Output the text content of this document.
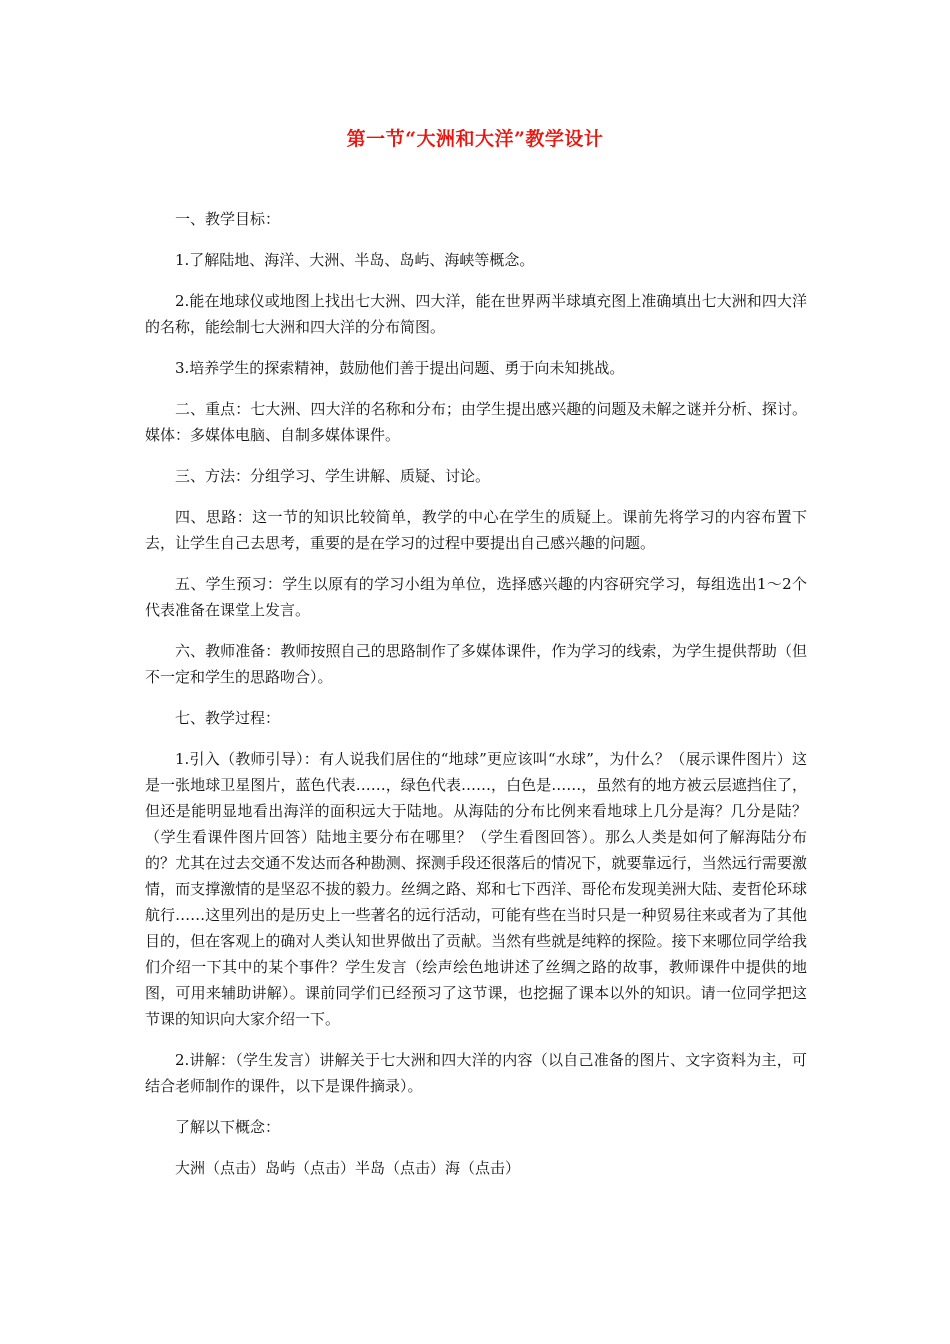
第一节“大洲和大洋”教学设计

一、教学目标：

1.了解陆地、海洋、大洲、半岛、岛屿、海峡等概念。

2.能在地球仪或地图上找出七大洲、四大洋，能在世界两半球填充图上准确填出七大洲和四大洋的名称，能绘制七大洲和四大洋的分布简图。

3.培养学生的探索精神，鼓励他们善于提出问题、勇于向未知挑战。

二、重点：七大洲、四大洋的名称和分布；由学生提出感兴趣的问题及未解之谜并分析、探讨。媒体：多媒体电脑、自制多媒体课件。

三、方法：分组学习、学生讲解、质疑、讨论。

四、思路：这一节的知识比较简单，教学的中心在学生的质疑上。课前先将学习的内容布置下去，让学生自己去思考，重要的是在学习的过程中要提出自己感兴趣的问题。

五、学生预习：学生以原有的学习小组为单位，选择感兴趣的内容研究学习，每组选出1～2个代表准备在课堂上发言。

六、教师准备：教师按照自己的思路制作了多媒体课件，作为学习的线索，为学生提供帮助（但不一定和学生的思路吻合）。

七、教学过程：

1.引入（教师引导）：有人说我们居住的“地球”更应该叫“水球”，为什么？（展示课件图片）这是一张地球卫星图片，蓝色代表……，绿色代表……，白色是……，虽然有的地方被云层遮挡住了，但还是能明显地看出海洋的面积远大于陆地。从海陆的分布比例来看地球上几分是海？几分是陆？（学生看课件图片回答）陆地主要分布在哪里？（学生看图回答）。那么人类是如何了解海陆分布的？尤其在过去交通不发达而各种勘测、探测手段还很落后的情况下，就要靠远行，当然远行需要激情，而支撑激情的是坚忍不拔的毅力。丝绸之路、郑和七下西洋、哥伦布发现美洲大陆、麦哲伦环球航行……这里列出的是历史上一些著名的远行活动，可能有些在当时只是一种贸易往来或者为了其他目的，但在客观上的确对人类认知世界做出了贡献。当然有些就是纯粹的探险。接下来哪位同学给我们介绍一下其中的某个事件？学生发言（绘声绘色地讲述了丝绸之路的故事，教师课件中提供的地图，可用来辅助讲解）。课前同学们已经预习了这节课，也挖掘了课本以外的知识。请一位同学把这节课的知识向大家介绍一下。

2.讲解：（学生发言）讲解关于七大洲和四大洋的内容（以自己准备的图片、文字资料为主，可结合老师制作的课件，以下是课件摘录）。

了解以下概念：

大洲（点击）岛屿（点击）半岛（点击）海（点击）
